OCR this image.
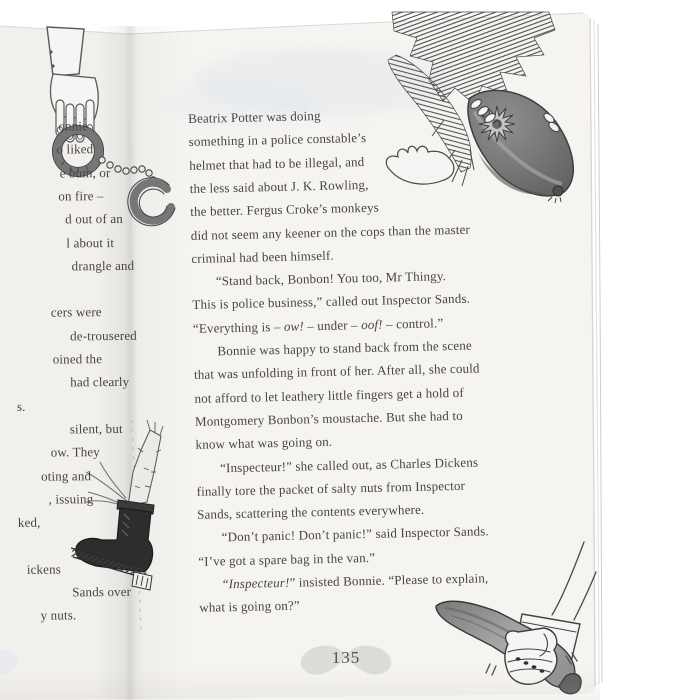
onnie
o liked
e bum, or
on fire –
d out of an
l about it
drangle and
cers were
de-trousered
oined the
had clearly
s.
silent, but
ow. They
oting and
, issuing
ked,
ickens
Sands over
y nuts.
Beatrix Potter was doing
something in a police constable’s
helmet that had to be illegal, and
the less said about J. K. Rowling,
the better. Fergus Croke’s monkeys
did not seem any keener on the cops than the master
criminal had been himself.
“Stand back, Bonbon! You too, Mr Thingy.
This is police business,” called out Inspector Sands.
“Everything is – ow! – under – oof! – control.”
Bonnie was happy to stand back from the scene
that was unfolding in front of her. After all, she could
not afford to let leathery little fingers get a hold of
Montgomery Bonbon’s moustache. But she had to
know what was going on.
“Inspecteur!” she called out, as Charles Dickens
finally tore the packet of salty nuts from Inspector
Sands, scattering the contents everywhere.
“Don’t panic! Don’t panic!” said Inspector Sands.
“I’ve got a spare bag in the van.”
“Inspecteur!” insisted Bonnie. “Please to explain,
what is going on?”
135
